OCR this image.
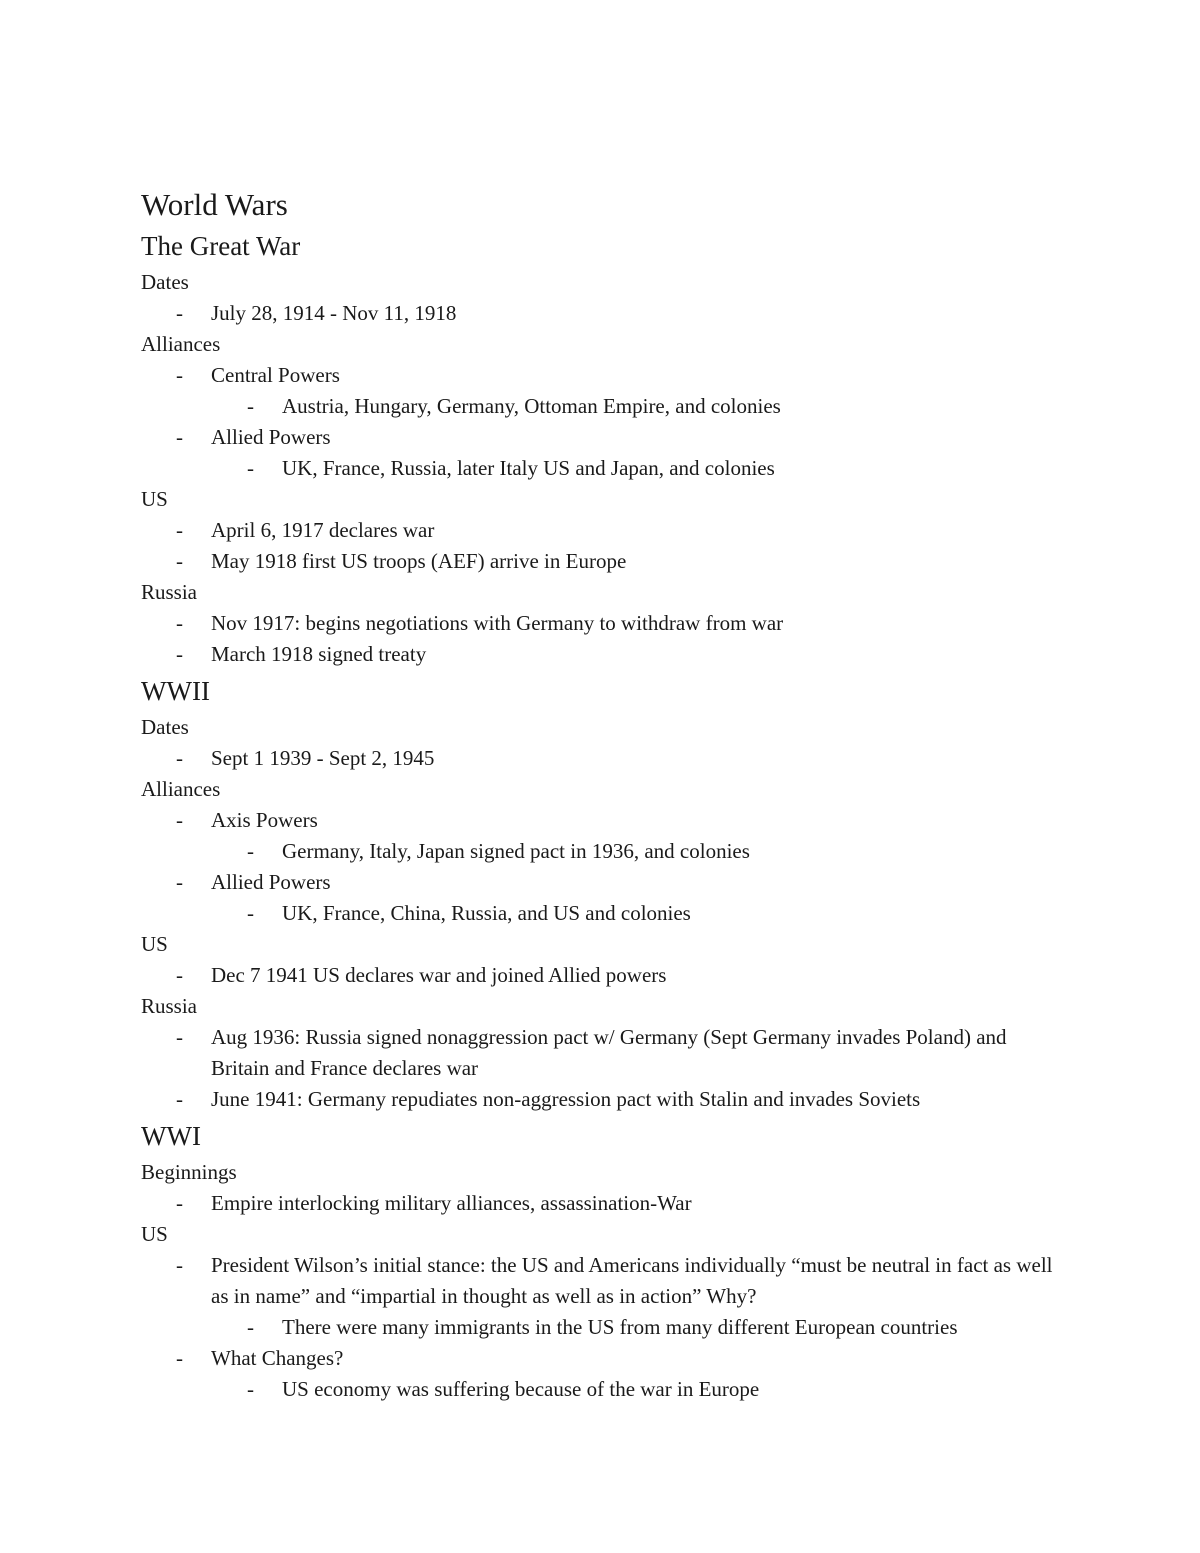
World Wars
The Great War
Dates
- July 28, 1914 - Nov 11, 1918
Alliances
- Central Powers
- Austria, Hungary, Germany, Ottoman Empire, and colonies
- Allied Powers
- UK, France, Russia, later Italy US and Japan, and colonies
US
- April 6, 1917 declares war
- May 1918 first US troops (AEF) arrive in Europe
Russia
- Nov 1917: begins negotiations with Germany to withdraw from war
- March 1918 signed treaty
WWII
Dates
- Sept 1 1939 - Sept 2, 1945
Alliances
- Axis Powers
- Germany, Italy, Japan signed pact in 1936, and colonies
- Allied Powers
- UK, France, China, Russia, and US and colonies
US
- Dec 7 1941 US declares war and joined Allied powers
Russia
- Aug 1936: Russia signed nonaggression pact w/ Germany (Sept Germany invades Poland) and Britain and France declares war
- June 1941: Germany repudiates non-aggression pact with Stalin and invades Soviets
WWI
Beginnings
- Empire interlocking military alliances, assassination-War
US
- President Wilson’s initial stance: the US and Americans individually “must be neutral in fact as well as in name” and “impartial in thought as well as in action” Why?
- There were many immigrants in the US from many different European countries
- What Changes?
- US economy was suffering because of the war in Europe
